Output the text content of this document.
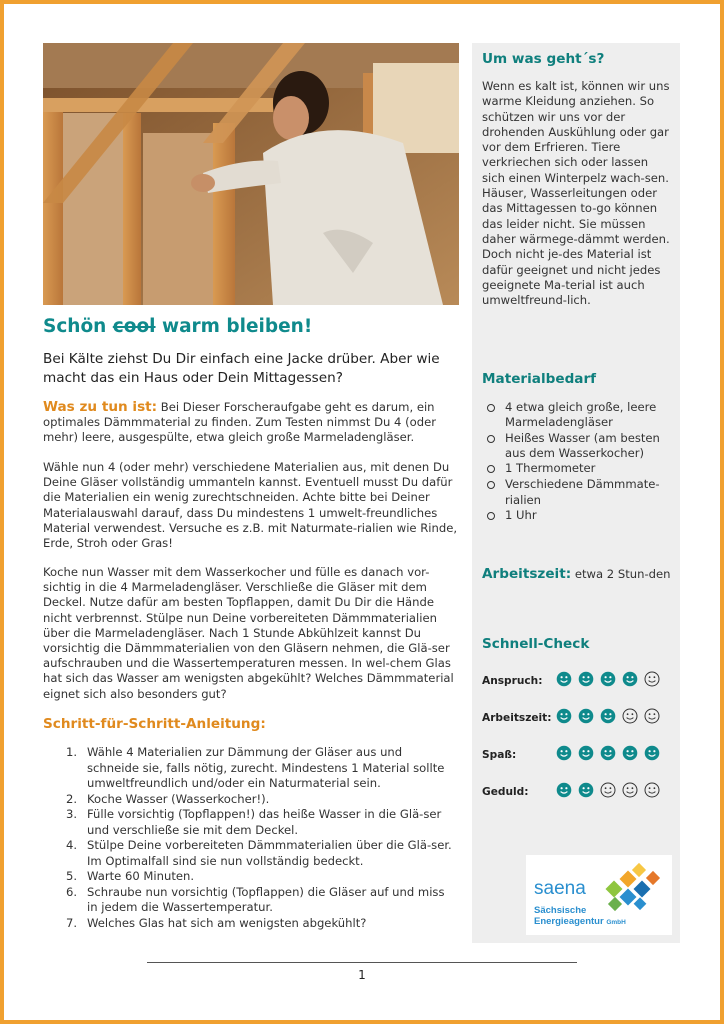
Schön cool warm bleiben!
Bei Kälte ziehst Du Dir einfach eine Jacke drüber. Aber wie macht das ein Haus oder Dein Mittagessen?
Was zu tun ist: Bei Dieser Forscheraufgabe geht es darum, ein optimales Dämmmaterial zu finden. Zum Testen nimmst Du 4 (oder mehr) leere, ausgespülte, etwa gleich große Marmeladengläser.
Wähle nun 4 (oder mehr) verschiedene Materialien aus, mit denen Du Deine Gläser vollständig ummanteln kannst. Eventuell musst Du dafür die Materialien ein wenig zurechtschneiden. Achte bitte bei Deiner Materialauswahl darauf, dass Du mindestens 1 umwelt-freundliches Material verwendest. Versuche es z.B. mit Naturmate-rialien wie Rinde, Erde, Stroh oder Gras!
Koche nun Wasser mit dem Wasserkocher und fülle es danach vor-sichtig in die 4 Marmeladengläser. Verschließe die Gläser mit dem Deckel. Nutze dafür am besten Topflappen, damit Du Dir die Hände nicht verbrennst. Stülpe nun Deine vorbereiteten Dämmmaterialien über die Marmeladengläser. Nach 1 Stunde Abkühlzeit kannst Du vorsichtig die Dämmmaterialien von den Gläsern nehmen, die Glä-ser aufschrauben und die Wassertemperaturen messen. In wel-chem Glas hat sich das Wasser am wenigsten abgekühlt? Welches Dämmmaterial eignet sich also besonders gut?
Schritt-für-Schritt-Anleitung:
1. Wähle 4 Materialien zur Dämmung der Gläser aus und schneide sie, falls nötig, zurecht. Mindestens 1 Material sollte umweltfreundlich und/oder ein Naturmaterial sein.
2. Koche Wasser (Wasserkocher!).
3. Fülle vorsichtig (Topflappen!) das heiße Wasser in die Glä-ser und verschließe sie mit dem Deckel.
4. Stülpe Deine vorbereiteten Dämmmaterialien über die Glä-ser. Im Optimalfall sind sie nun vollständig bedeckt.
5. Warte 60 Minuten.
6. Schraube nun vorsichtig (Topflappen) die Gläser auf und miss in jedem die Wassertemperatur.
7. Welches Glas hat sich am wenigsten abgekühlt?
Um was geht´s?
Wenn es kalt ist, können wir uns warme Kleidung anziehen. So schützen wir uns vor der drohenden Auskühlung oder gar vor dem Erfrieren. Tiere verkriechen sich oder lassen sich einen Winterpelz wach-sen. Häuser, Wasserleitungen oder das Mittagessen to-go können das leider nicht. Sie müssen daher wärmege-dämmt werden. Doch nicht je-des Material ist dafür geeignet und nicht jedes geeignete Ma-terial ist auch umweltfreund-lich.
Materialbedarf
4 etwa gleich große, leere Marmeladengläser
Heißes Wasser (am besten aus dem Wasserkocher)
1 Thermometer
Verschiedene Dämmmate-rialien
1 Uhr
Arbeitszeit: etwa 2 Stun-den
Schnell-Check
Anspruch:
Arbeitszeit:
Spaß:
Geduld:
saena
Sächsische
Energieagentur GmbH
1
